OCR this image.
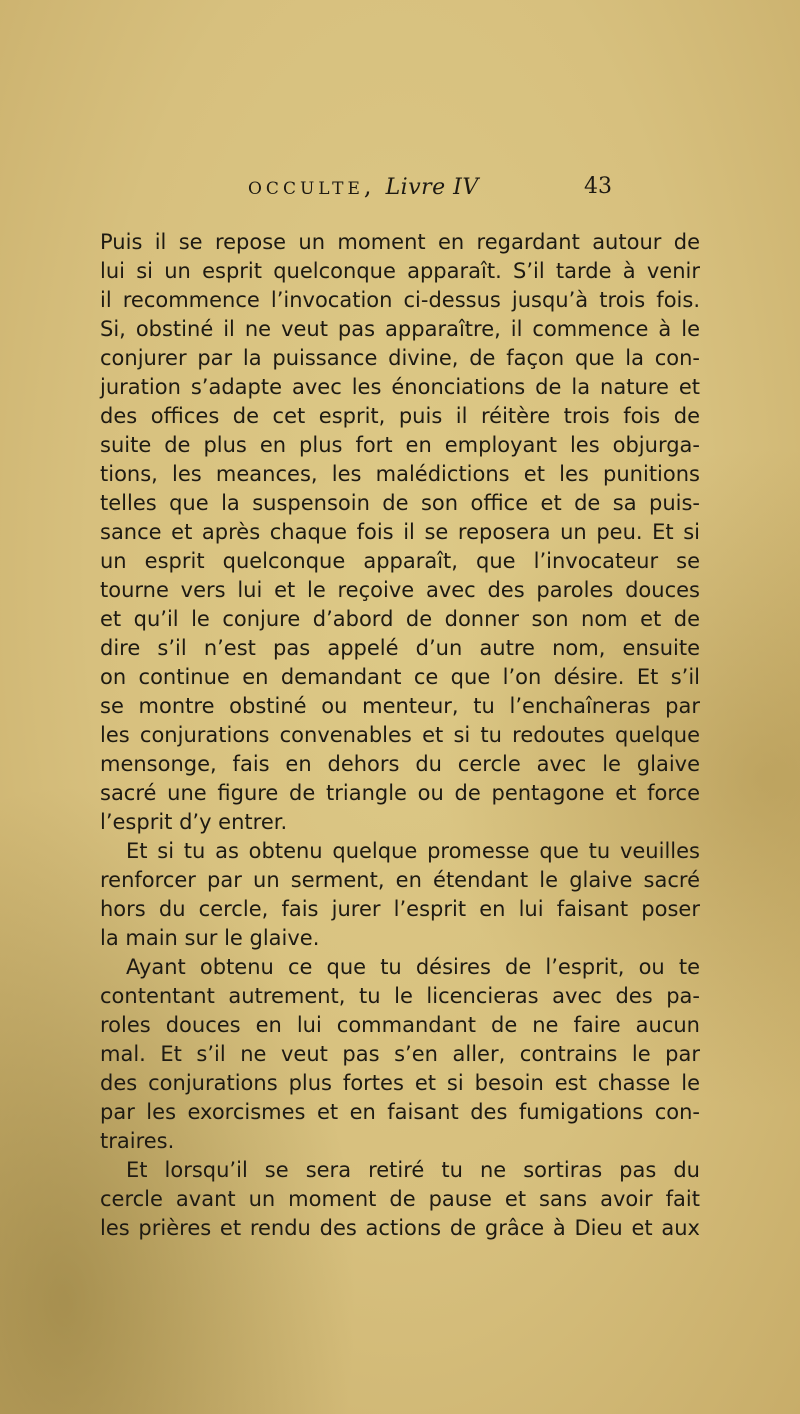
occulte, Livre IV	43
Puis il se repose un moment en regardant autour de
lui si un esprit quelconque apparaît. S’il tarde à venir
il recommence l’invocation ci-dessus jusqu’à trois fois.
Si, obstiné il ne veut pas apparaître, il commence à le
conjurer par la puissance divine, de façon que la con-
juration s’adapte avec les énonciations de la nature et
des offices de cet esprit, puis il réitère trois fois de
suite de plus en plus fort en employant les objurga-
tions, les meances, les malédictions et les punitions
telles que la suspensoin de son office et de sa puis-
sance et après chaque fois il se reposera un peu. Et si
un esprit quelconque apparaît, que l’invocateur se
tourne vers lui et le reçoive avec des paroles douces
et qu’il le conjure d’abord de donner son nom et de
dire s’il n’est pas appelé d’un autre nom, ensuite
on continue en demandant ce que l’on désire. Et s’il
se montre obstiné ou menteur, tu l’enchaîneras par
les conjurations convenables et si tu redoutes quelque
mensonge, fais en dehors du cercle avec le glaive
sacré une figure de triangle ou de pentagone et force
l’esprit d’y entrer.
Et si tu as obtenu quelque promesse que tu veuilles
renforcer par un serment, en étendant le glaive sacré
hors du cercle, fais jurer l’esprit en lui faisant poser
la main sur le glaive.
Ayant obtenu ce que tu désires de l’esprit, ou te
contentant autrement, tu le licencieras avec des pa-
roles douces en lui commandant de ne faire aucun
mal. Et s’il ne veut pas s’en aller, contrains le par
des conjurations plus fortes et si besoin est chasse le
par les exorcismes et en faisant des fumigations con-
traires.
Et lorsqu’il se sera retiré tu ne sortiras pas du
cercle avant un moment de pause et sans avoir fait
les prières et rendu des actions de grâce à Dieu et aux
